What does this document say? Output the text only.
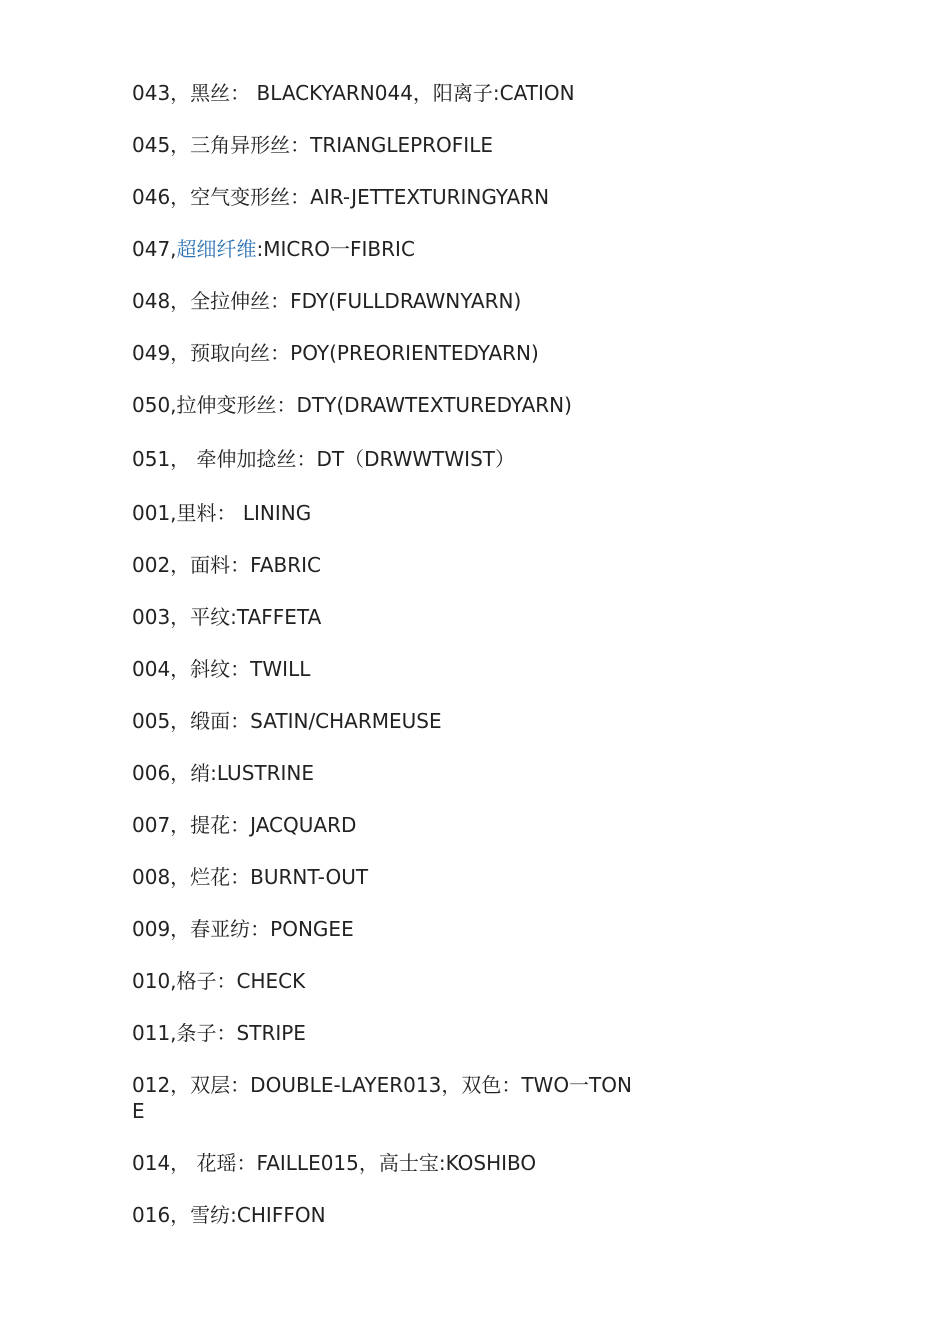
043，黑丝： BLACKYARN044，阳离子:CATION
045，三角异形丝：TRIANGLEPROFILE
046，空气变形丝：AIR-JETTEXTURINGYARN
047,超细纤维:MICRO一FIBRIC
048，全拉伸丝：FDY(FULLDRAWNYARN)
049，预取向丝：POY(PREORIENTEDYARN)
050,拉伸变形丝：DTY(DRAWTEXTUREDYARN)
051， 牵伸加捻丝：DT（DRWWTWIST）
001,里料： LINING
002，面料：FABRIC
003，平纹:TAFFETA
004，斜纹：TWILL
005，缎面：SATIN/CHARMEUSE
006，绡:LUSTRINE
007，提花：JACQUARD
008，烂花：BURNT-OUT
009，春亚纺：PONGEE
010,格子：CHECK
011,条子：STRIPE
012，双层：DOUBLE-LAYER013，双色：TWO一TONE
014， 花瑶：FAILLE015，高士宝:KOSHIBO
016，雪纺:CHIFFON
